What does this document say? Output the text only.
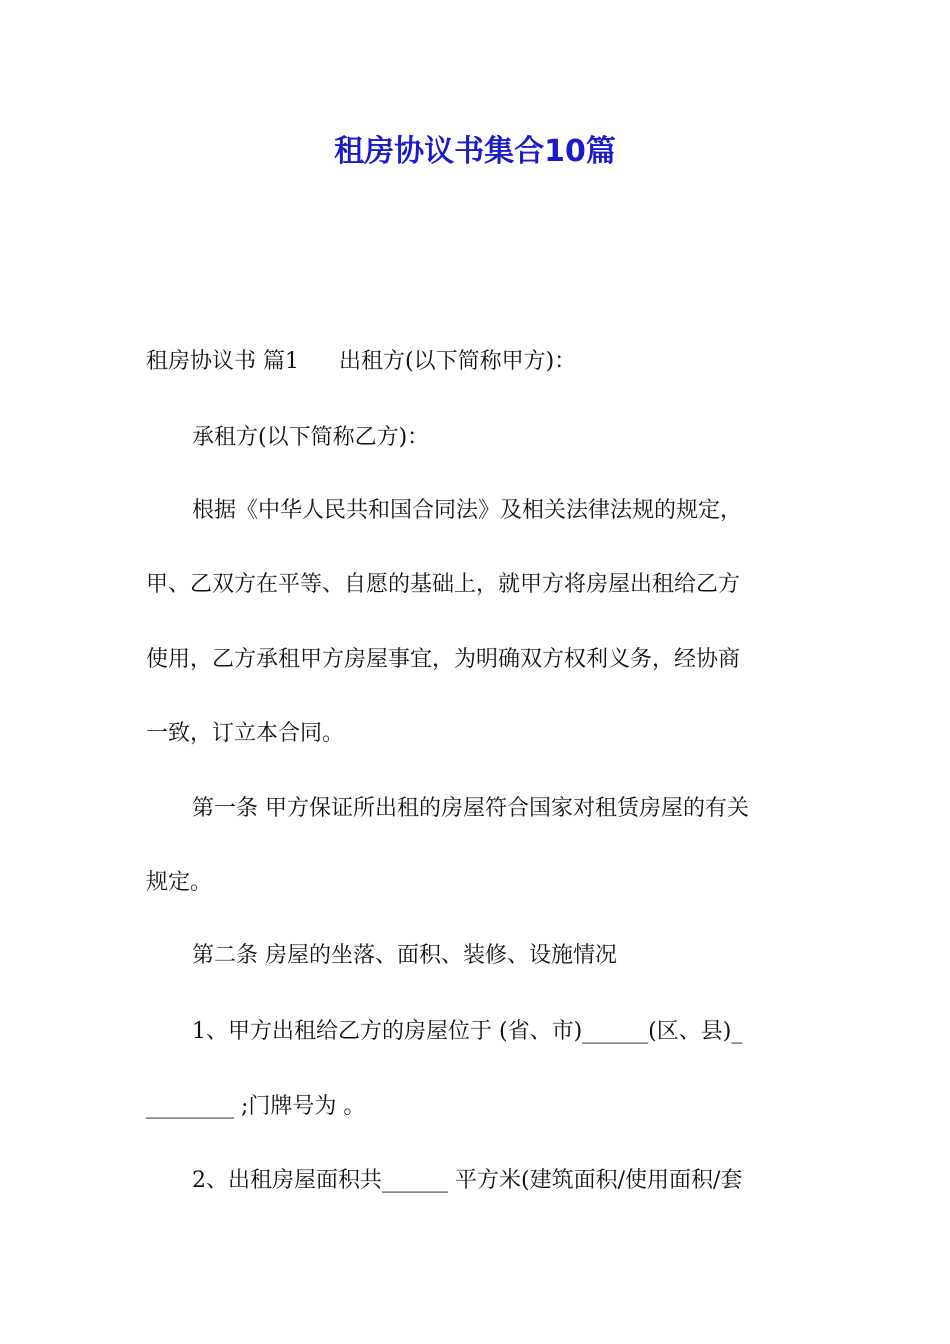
租房协议书集合10篇

租房协议书 篇1 出租方(以下简称甲方)：

承租方(以下简称乙方)：

根据《中华人民共和国合同法》及相关法律法规的规定，

甲、乙双方在平等、自愿的基础上，就甲方将房屋出租给乙方

使用，乙方承租甲方房屋事宜，为明确双方权利义务，经协商

一致，订立本合同。

第一条 甲方保证所出租的房屋符合国家对租赁房屋的有关

规定。

第二条 房屋的坐落、面积、装修、设施情况

1、甲方出租给乙方的房屋位于 (省、市)______(区、县)_

________ ;门牌号为 。

2、出租房屋面积共______ 平方米(建筑面积/使用面积/套
